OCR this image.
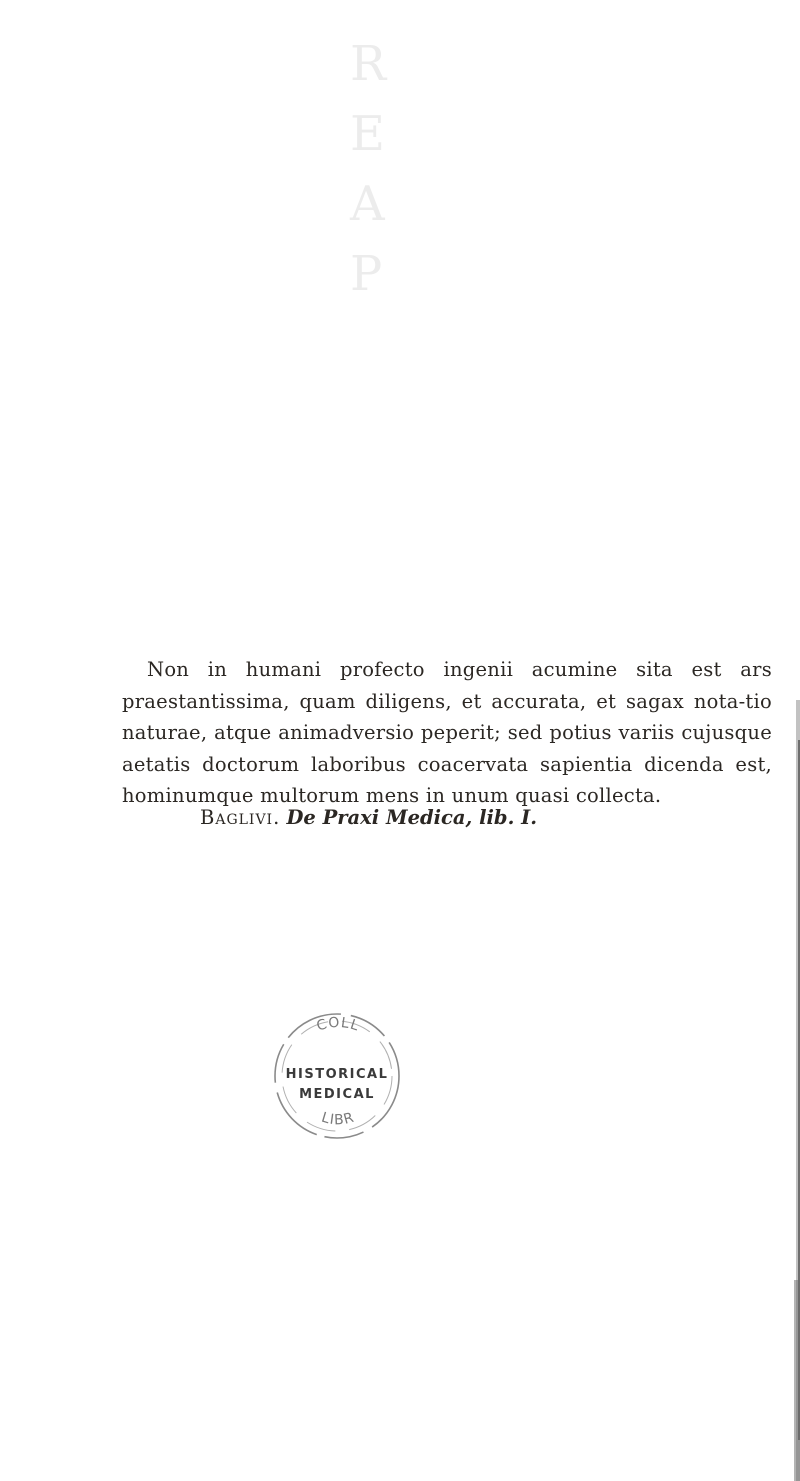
R
E
A
P

Non in humani profecto ingenii acumine sita est ars praestantissima, quam diligens, et accurata, et sagax nota-tio naturae, atque animadversio peperit; sed potius variis cujusque aetatis doctorum laboribus coacervata sapientia dicenda est, hominumque multorum mens in unum quasi collecta.

Baglivi. De Praxi Medica, lib. I.

COLL
LIBR
HISTORICAL
MEDICAL
